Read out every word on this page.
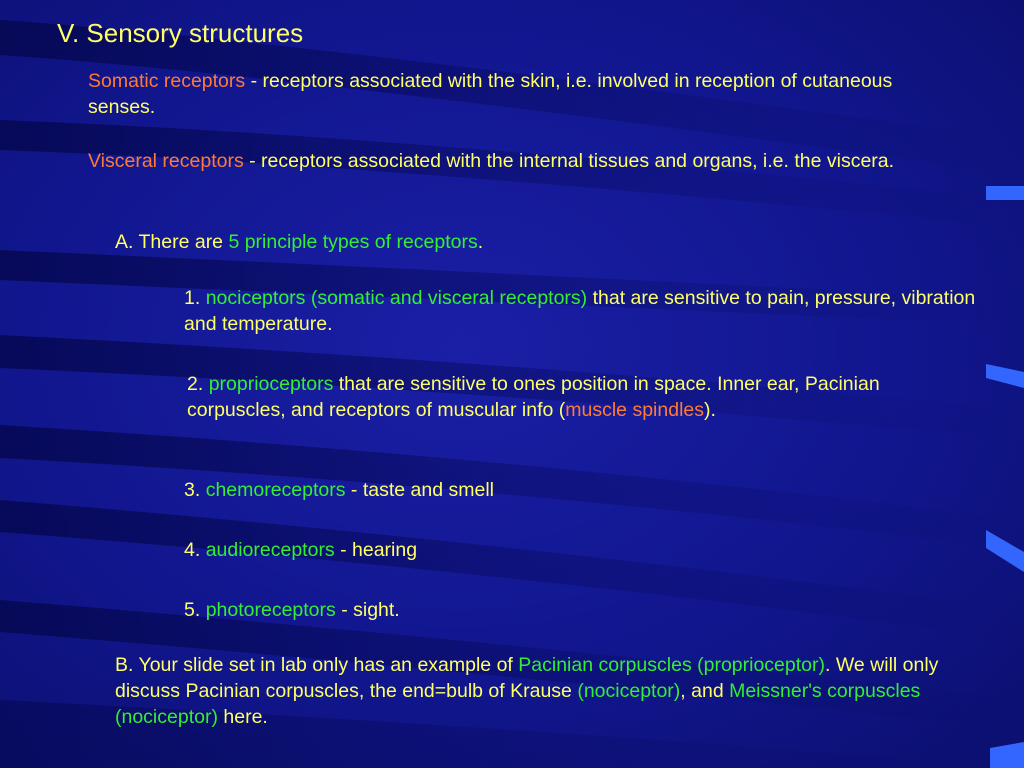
V. Sensory structures

Somatic receptors - receptors associated with the skin, i.e. involved in reception of cutaneous senses.

Visceral receptors - receptors associated with the internal tissues and organs, i.e. the viscera.

A. There are 5 principle types of receptors.

1. nociceptors (somatic and visceral receptors) that are sensitive to pain, pressure, vibration and temperature.

2. proprioceptors that are sensitive to ones position in space. Inner ear, Pacinian corpuscles, and receptors of muscular info (muscle spindles).

3. chemoreceptors - taste and smell

4. audioreceptors - hearing

5. photoreceptors - sight.

B. Your slide set in lab only has an example of Pacinian corpuscles (proprioceptor). We will only discuss Pacinian corpuscles, the end=bulb of Krause (nociceptor), and Meissner's corpuscles (nociceptor) here.
